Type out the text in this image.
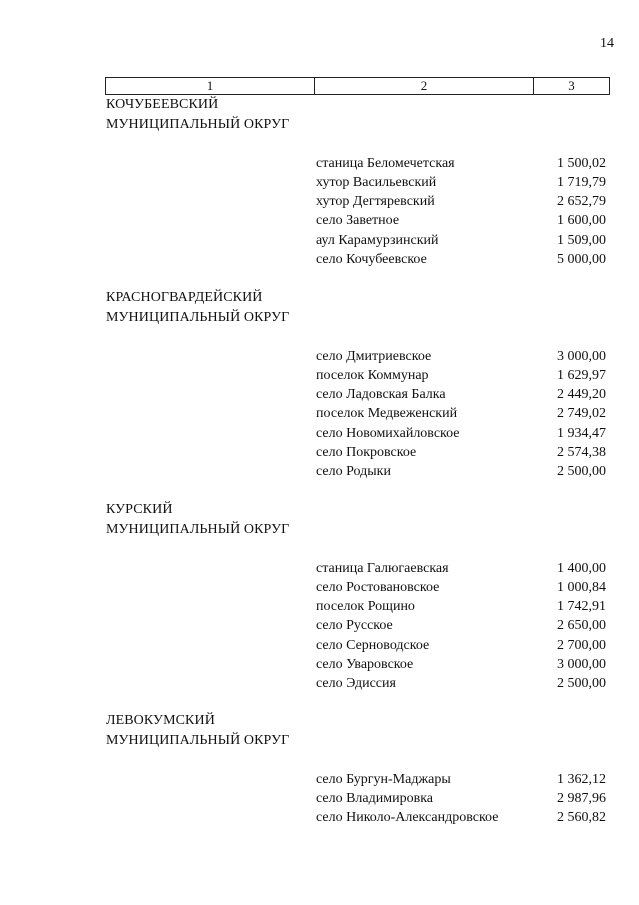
14
1	2	3
КОЧУБЕЕВСКИЙ
МУНИЦИПАЛЬНЫЙ ОКРУГ
станица Беломечетская	1 500,02
хутор Васильевский	1 719,79
хутор Дегтяревский	2 652,79
село Заветное	1 600,00
аул Карамурзинский	1 509,00
село Кочубеевское	5 000,00
КРАСНОГВАРДЕЙСКИЙ
МУНИЦИПАЛЬНЫЙ ОКРУГ
село Дмитриевское	3 000,00
поселок Коммунар	1 629,97
село Ладовская Балка	2 449,20
поселок Медвеженский	2 749,02
село Новомихайловское	1 934,47
село Покровское	2 574,38
село Родыки	2 500,00
КУРСКИЙ
МУНИЦИПАЛЬНЫЙ ОКРУГ
станица Галюгаевская	1 400,00
село Ростовановское	1 000,84
поселок Рощино	1 742,91
село Русское	2 650,00
село Серноводское	2 700,00
село Уваровское	3 000,00
село Эдиссия	2 500,00
ЛЕВОКУМСКИЙ
МУНИЦИПАЛЬНЫЙ ОКРУГ
село Бургун-Маджары	1 362,12
село Владимировка	2 987,96
село Николо-Александровское	2 560,82
